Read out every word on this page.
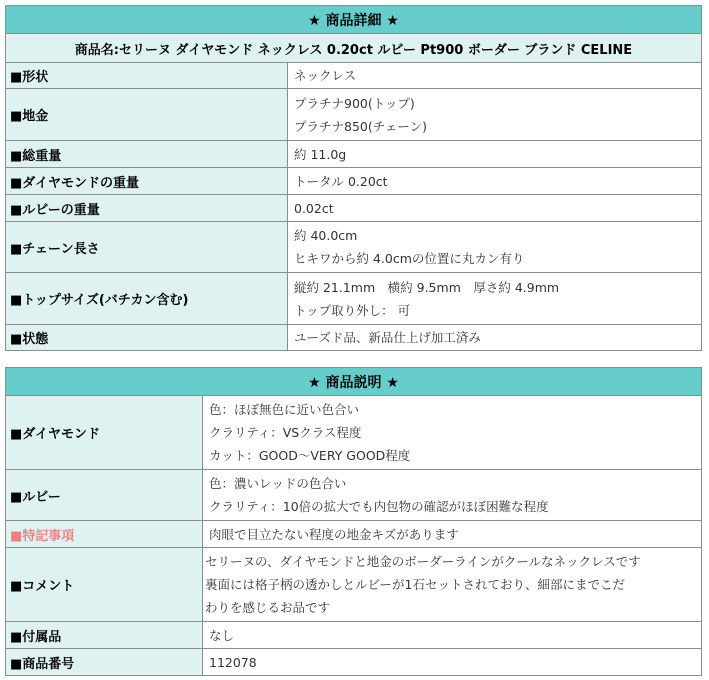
★ 商品詳細 ★	
商品名:セリーヌ ダイヤモンド ネックレス 0.20ct ルビー Pt900 ボーダー ブランド CELINE	
■形状	ネックレス

■地金	プラチナ900(トップ)
プラチナ850(チェーン)

■総重量	約 11.0g

■ダイヤモンドの重量	トータル 0.20ct

■ルビーの重量	0.02ct

■チェーン長さ	約 40.0cm
ヒキワから約 4.0cmの位置に丸カン有り

■トップサイズ(バチカン含む)	縦約 21.1mm　横約 9.5mm　厚さ約 4.9mm
トップ取り外し： 可

■状態	ユーズド品、新品仕上げ加工済み
★ 商品説明 ★	
■ダイヤモンド	色：ほぼ無色に近い色合い
クラリティ：VSクラス程度
カット：GOOD〜VERY GOOD程度

■ルビー	色：濃いレッドの色合い
クラリティ：10倍の拡大でも内包物の確認がほぼ困難な程度

■特記事項	肉眼で目立たない程度の地金キズがあります

■コメント	セリーヌの、ダイヤモンドと地金のボーダーラインがクールなネックレスです
裏面には格子柄の透かしとルビーが1石セットされており、細部にまでこだ
わりを感じるお品です

■付属品	なし

■商品番号	112078
